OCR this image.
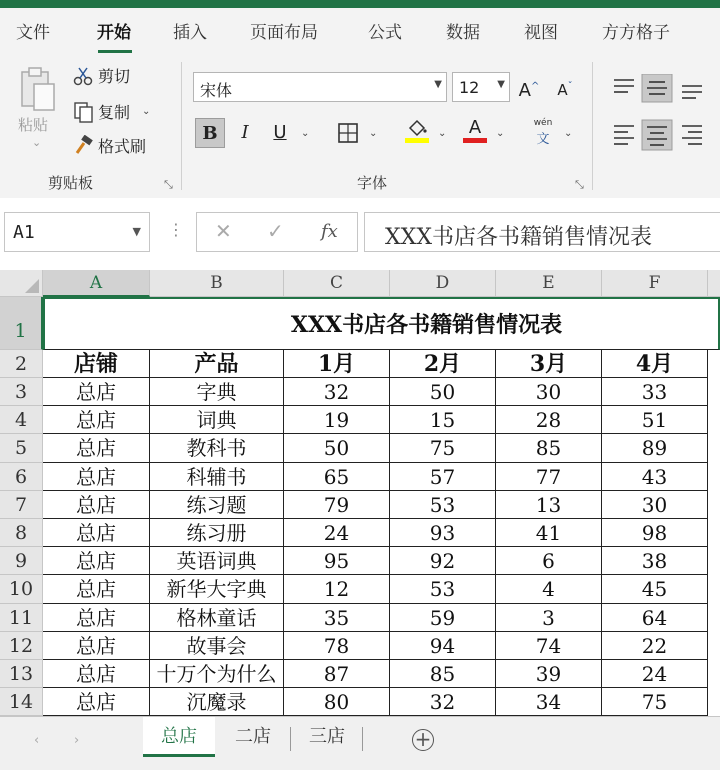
文件	开始 插入	页面布局	公式	数据	视图	方方格子
粘贴
⌄
剪切
复制 ⌄
格式刷
剪贴板	⤡
宋体	▼ 12 ▼ A^	$A^ˇ$
B	I	U	⌄	⌄	⌄	A	⌄
wén
文	⌄
字体	⤡
A1	▼ ⋮ ✕ ✓ fx XXX书店各书籍销售情况表
A	B	C	D	E	F
1
2
XXX书店各书籍销售情况表
店铺	产品	1月	2月	3月	4月
3	总店	字典	32	50	30	33
4	总店	词典	19	15	28	51
5	总店	教科书	50	75	85	89
6	总店	科辅书	65	57	77	43
7	总店	练习题	79	53	13	30
8	总店	练习册	24	93	41	98
9	总店	英语词典	95	92	6	38
10	总店	新华大字典	12	53	4	45
11	总店	格林童话	35	59	3	64
12	总店	故事会	78	94	74	22
13	总店	十万个为什么	87	85	39	24
14	总店	沉魔录	80	32	34	75
‹	›	总店	二店	三店	+
